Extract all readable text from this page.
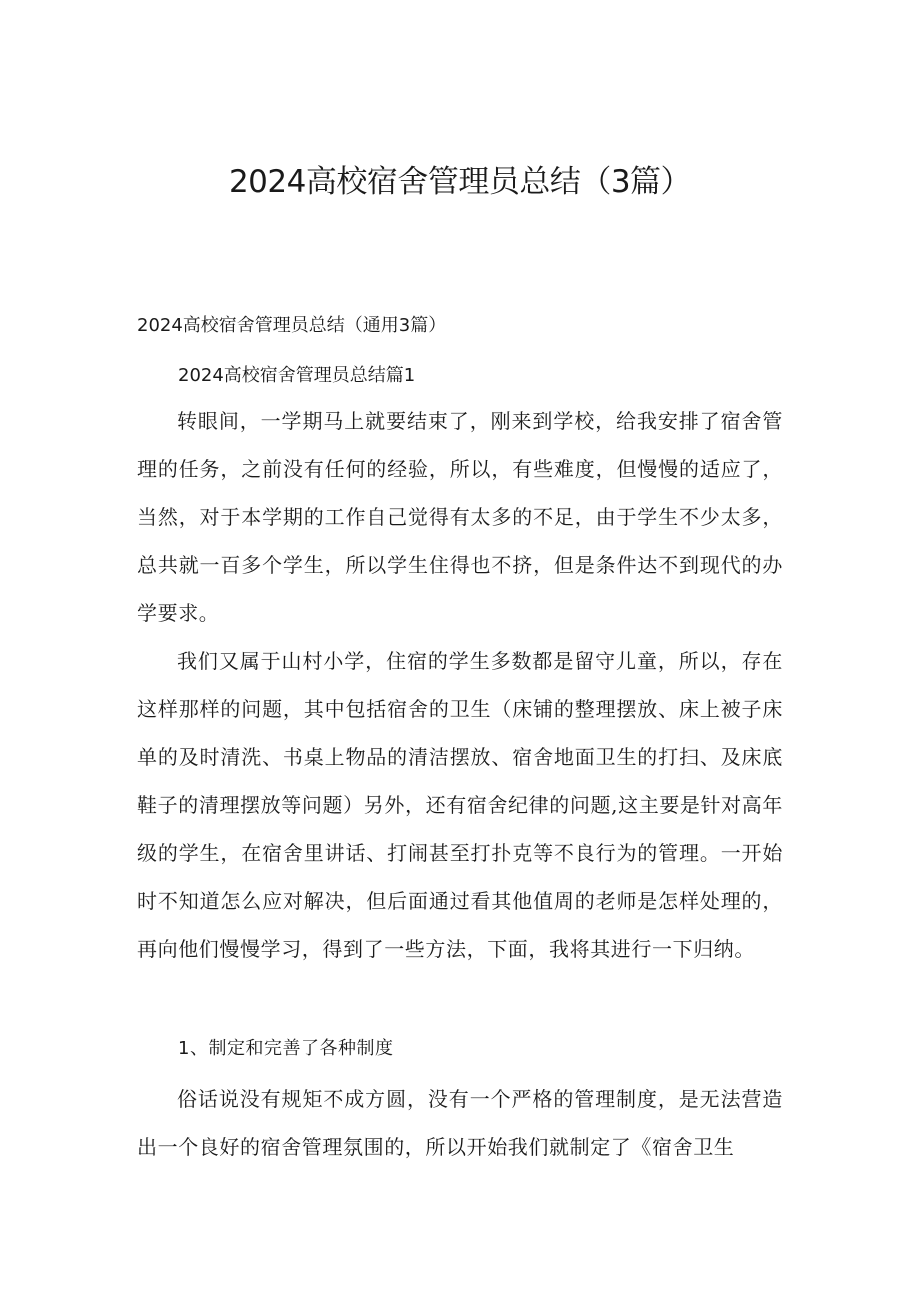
2024高校宿舍管理员总结（3篇）
2024高校宿舍管理员总结（通用3篇）
2024高校宿舍管理员总结篇1

转眼间，一学期马上就要结束了，刚来到学校，给我安排了宿舍管理的任务，之前没有任何的经验，所以，有些难度，但慢慢的适应了，当然，对于本学期的工作自己觉得有太多的不足，由于学生不少太多，总共就一百多个学生，所以学生住得也不挤，但是条件达不到现代的办学要求。

我们又属于山村小学，住宿的学生多数都是留守儿童，所以，存在这样那样的问题，其中包括宿舍的卫生（床铺的整理摆放、床上被子床单的及时清洗、书桌上物品的清洁摆放、宿舍地面卫生的打扫、及床底鞋子的清理摆放等问题）另外，还有宿舍纪律的问题,这主要是针对高年级的学生，在宿舍里讲话、打闹甚至打扑克等不良行为的管理。一开始时不知道怎么应对解决，但后面通过看其他值周的老师是怎样处理的，再向他们慢慢学习，得到了一些方法，下面，我将其进行一下归纳。

1、制定和完善了各种制度

俗话说没有规矩不成方圆，没有一个严格的管理制度，是无法营造出一个良好的宿舍管理氛围的，所以开始我们就制定了《宿舍卫生
